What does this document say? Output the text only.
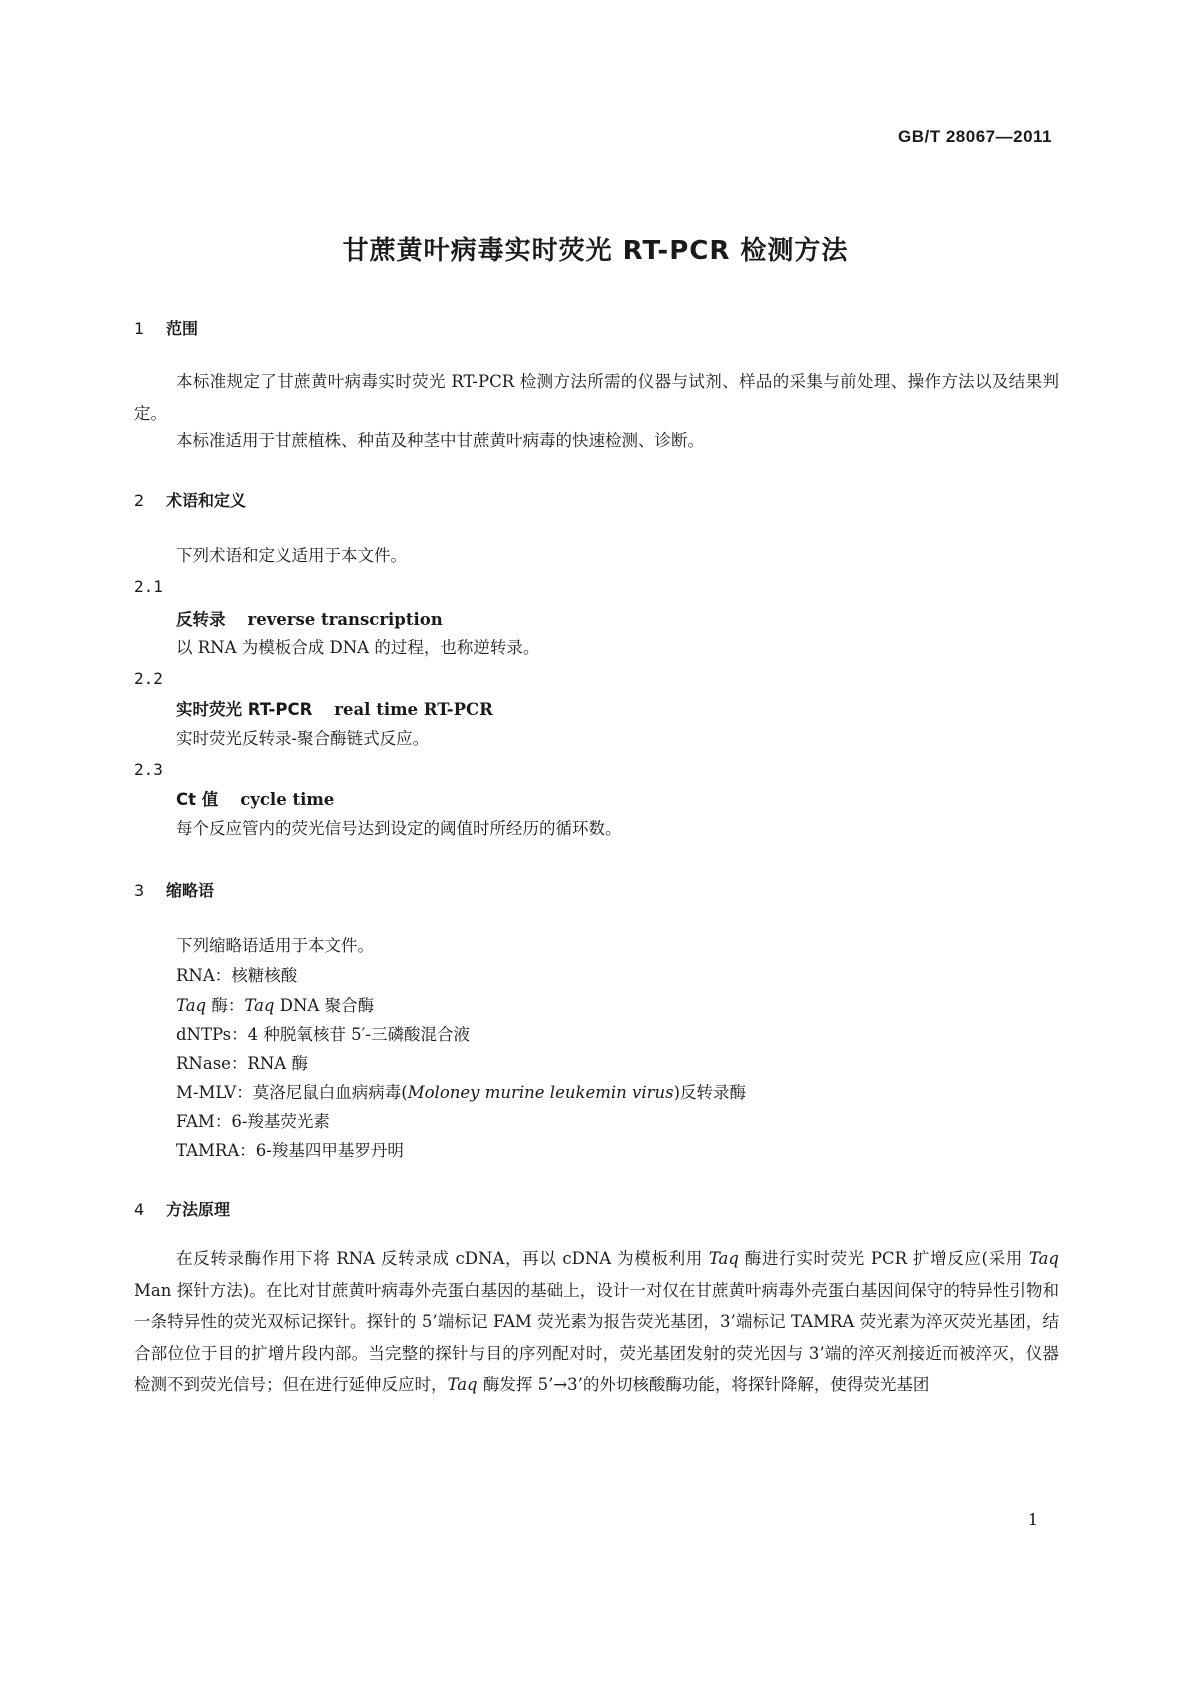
GB/T 28067—2011
甘蔗黄叶病毒实时荧光 RT-PCR 检测方法
1 范围
本标准规定了甘蔗黄叶病毒实时荧光 RT-PCR 检测方法所需的仪器与试剂、样品的采集与前处理、操作方法以及结果判定。
本标准适用于甘蔗植株、种苗及种茎中甘蔗黄叶病毒的快速检测、诊断。
2 术语和定义
下列术语和定义适用于本文件。
2.1
反转录 reverse transcription
以 RNA 为模板合成 DNA 的过程，也称逆转录。
2.2
实时荧光 RT-PCR real time RT-PCR
实时荧光反转录-聚合酶链式反应。
2.3
Ct 值 cycle time
每个反应管内的荧光信号达到设定的阈值时所经历的循环数。
3 缩略语
下列缩略语适用于本文件。
RNA：核糖核酸
Taq 酶：Taq DNA 聚合酶
dNTPs：4 种脱氧核苷 5′-三磷酸混合液
RNase：RNA 酶
M-MLV：莫洛尼鼠白血病病毒(Moloney murine leukemin virus)反转录酶
FAM：6-羧基荧光素
TAMRA：6-羧基四甲基罗丹明
4 方法原理
在反转录酶作用下将 RNA 反转录成 cDNA，再以 cDNA 为模板利用 Taq 酶进行实时荧光 PCR 扩增反应(采用 Taq Man 探针方法)。在比对甘蔗黄叶病毒外壳蛋白基因的基础上，设计一对仅在甘蔗黄叶病毒外壳蛋白基因间保守的特异性引物和一条特异性的荧光双标记探针。探针的 5’端标记 FAM 荧光素为报告荧光基团，3’端标记 TAMRA 荧光素为淬灭荧光基团，结合部位位于目的扩增片段内部。当完整的探针与目的序列配对时，荧光基团发射的荧光因与 3’端的淬灭剂接近而被淬灭，仪器检测不到荧光信号；但在进行延伸反应时，Taq 酶发挥 5’→3’的外切核酸酶功能，将探针降解，使得荧光基团
1
